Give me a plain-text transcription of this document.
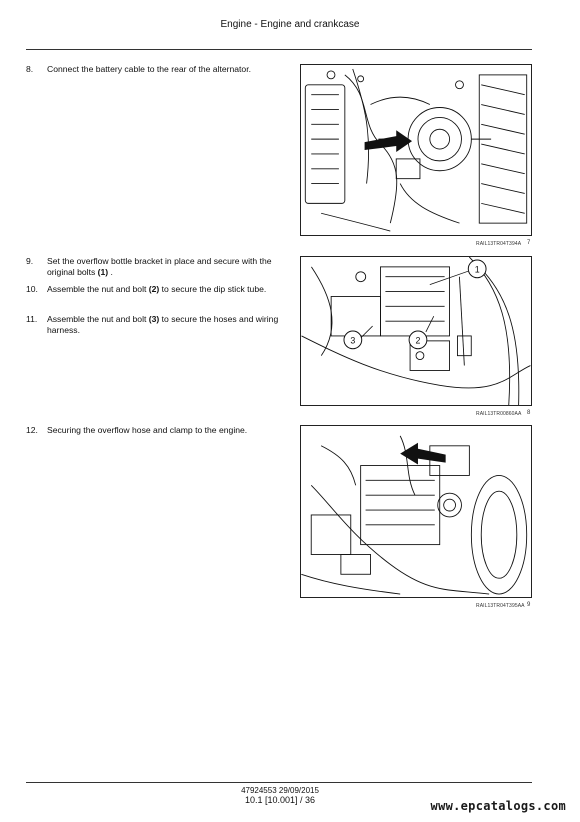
Engine - Engine and crankcase
8. Connect the battery cable to the rear of the alternator.
9. Set the overflow bottle bracket in place and secure with the original bolts (1) .
10. Assemble the nut and bolt (2) to secure the dip stick tube.
11. Assemble the nut and bolt (3) to secure the hoses and wiring harness.
12. Securing the overflow hose and clamp to the engine.
RAIL13TR04T394A 7
1
2
3
RAIL13TR00860AA 8
RAIL13TR04T395AA 9
47924553 29/09/2015
10.1 [10.001] / 36	www.epcatalogs.com
